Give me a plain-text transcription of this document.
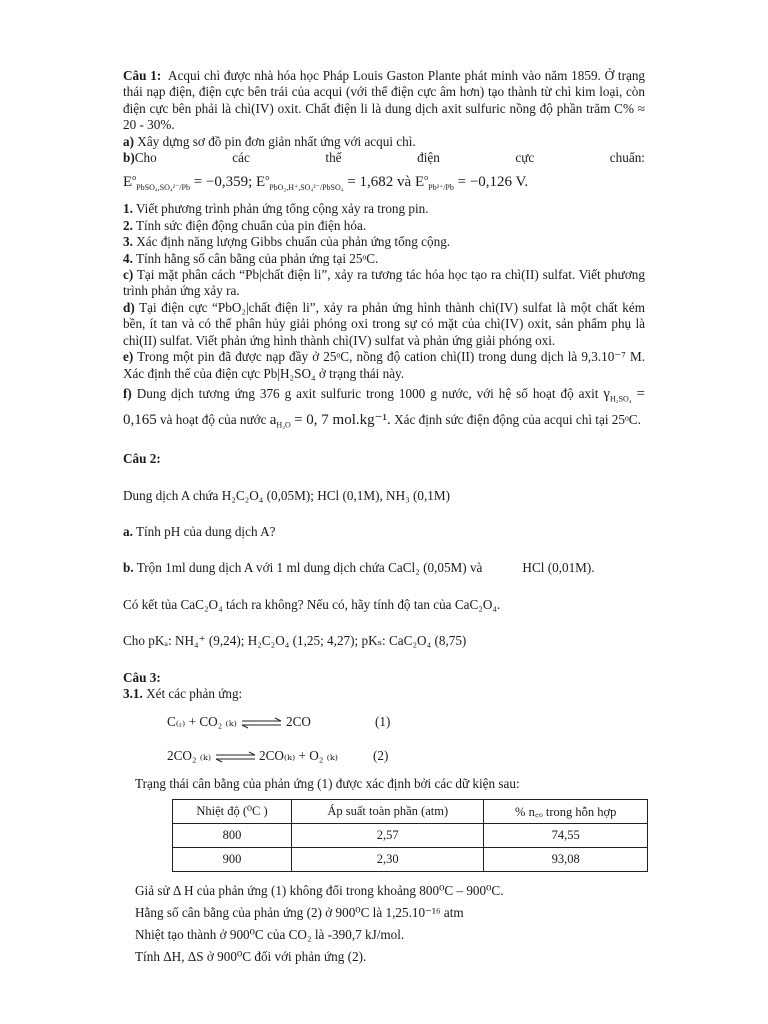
Câu 1: Acqui chì được nhà hóa học Pháp Louis Gaston Plante phát minh vào năm 1859. Ở trạng thái nạp điện, điện cực bên trái của acqui (với thế điện cực âm hơn) tạo thành từ chì kim loại, còn điện cực bên phải là chì(IV) oxit. Chất điện li là dung dịch axit sulfuric nồng độ phần trăm C% ≈ 20 - 30%.

a) Xây dựng sơ đồ pin đơn giản nhất ứng với acqui chì.

b)Cho	các	thế	điện	cực	chuẩn:

$E^o_{PbSO_4,SO_4^{2-}/Pb} = -0,359$; $E^o_{PbO_2,H^+,SO_4^{2-}/PbSO_4} = 1,682$ và $E^o_{Pb^{2+}/Pb} = -0,126$ V.

1. Viết phương trình phản ứng tổng cộng xảy ra trong pin.

2. Tính sức điện động chuẩn của pin điện hóa.

3. Xác định năng lượng Gibbs chuẩn của phản ứng tổng cộng.

4. Tính hằng số cân bằng của phản ứng tại 25ᵒC.

c) Tại mặt phân cách “Pb|chất điện li”, xảy ra tương tác hóa học tạo ra chì(II) sulfat. Viết phương trình phản ứng xảy ra.

d) Tại điện cực “PbO₂|chất điện li”, xảy ra phản ứng hình thành chì(IV) sulfat là một chất kém bền, ít tan và có thể phân hủy giải phóng oxi trong sự có mặt của chì(IV) oxit, sản phẩm phụ là chì(II) sulfat. Viết phản ứng hình thành chì(IV) sulfat và phản ứng giải phóng oxi.

e) Trong một pin đã được nạp đầy ở 25ᵒC, nồng độ cation chì(II) trong dung dịch là 9,3.10⁻⁷ M. Xác định thế của điện cực Pb|H₂SO₄ ở trạng thái này.

f) Dung dịch tương ứng 376 g axit sulfuric trong 1000 g nước, với hệ số hoạt độ axit $\gamma_{H_2SO_4} = 0,165$ và hoạt độ của nước $a_{H_2O} = 0$, 7 mol.kg⁻¹. Xác định sức điện động của acqui chì tại 25ᵒC.

Câu 2:

Dung dịch A chứa H₂C₂O₄ (0,05M); HCl (0,1M), NH₃ (0,1M)

a. Tính pH của dung dịch A?

b. Trộn 1ml dung dịch A với 1 ml dung dịch chứa CaCl₂ (0,05M) và	HCl (0,01M).

Có kết tủa CaC₂O₄ tách ra không? Nếu có, hãy tính độ tan của CaC₂O₄.

Cho pKₐ: NH₄⁺ (9,24); H₂C₂O₄ (1,25; 4,27); pKₛ: CaC₂O₄ (8,75)

Câu 3:

3.1. Xét các phản ứng:

C₍ᵣ₎ + CO₂ ₍ₖ₎ ⇌ 2CO	(1)
2CO₂ ₍ₖ₎ ⇌ 2CO₍ₖ₎ + O₂ ₍ₖ₎	(2)

Trạng thái cân bằng của phản ứng (1) được xác định bởi các dữ kiện sau:

Nhiệt độ (⁰C )	Áp suất toàn phần (atm)	% n꜀ₒ trong hỗn hợp
800	2,57	74,55
900	2,30	93,08

Giả sử Δ H của phản ứng (1) không đổi trong khoảng 800⁰C – 900⁰C.

Hằng số cân bằng của phản ứng (2) ở 900⁰C là 1,25.10⁻¹⁶ atm

Nhiệt tạo thành ở 900⁰C của CO₂ là -390,7 kJ/mol.

Tính ΔH, ΔS ở 900⁰C đối với phản ứng (2).
